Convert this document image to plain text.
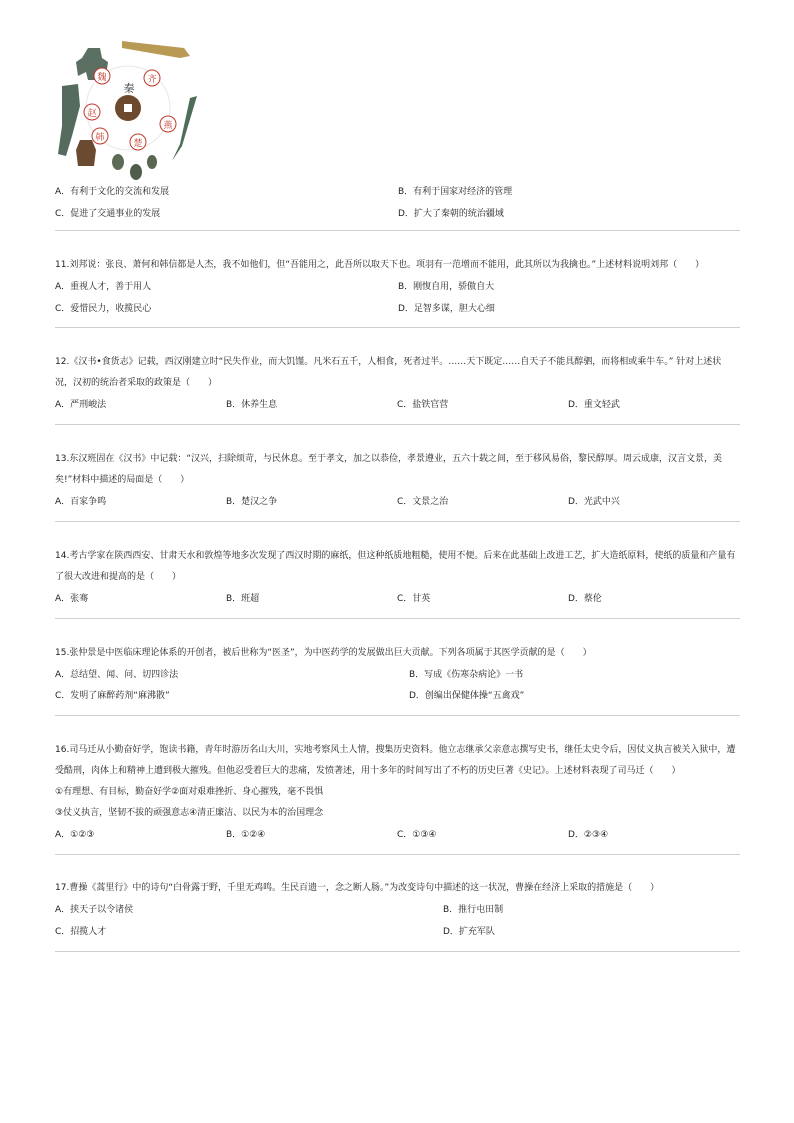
秦
魏	齐
燕
楚
韩
赵
A．有利于文化的交流和发展	B．有利于国家对经济的管理
C．促进了交通事业的发展	D．扩大了秦朝的统治疆域
11.刘邦说：张良、萧何和韩信都是人杰，我不如他们，但“吾能用之，此吾所以取天下也。项羽有一范增而不能用，此其所以为我擒也。”上述材料说明刘邦（　　）
A．重视人才，善于用人	B．刚愎自用，骄傲自大
C．爱惜民力，收揽民心	D．足智多谋，胆大心细
12.《汉书•食货志》记载，西汉刚建立时“民失作业，而大饥馑。凡米石五千，人相食，死者过半。……天下既定……自天子不能具醇驷，而将相或乘牛车。” 针对上述状
况，汉初的统治者采取的政策是（　　）
A．严刑峻法	B．休养生息	C．盐铁官营	D．重文轻武
13.东汉班固在《汉书》中记载：“汉兴，扫除烦苛，与民休息。至于孝文，加之以恭俭，孝景遵业，五六十载之间，至于移风易俗，黎民醇厚。周云成康，汉言文景，美
矣!”材料中描述的局面是（　　）
A．百家争鸣	B．楚汉之争	C．文景之治	D．光武中兴
14.考古学家在陕西西安、甘肃天水和敦煌等地多次发现了西汉时期的麻纸，但这种纸质地粗糙，使用不便。后来在此基础上改进工艺，扩大造纸原料，使纸的质量和产量有
了很大改进和提高的是（　　）
A．张骞	B．班超	C．甘英	D．蔡伦
15.张仲景是中医临床理论体系的开创者，被后世称为“医圣”，为中医药学的发展做出巨大贡献。下列各项属于其医学贡献的是（　　）
A．总结望、闻、问、切四诊法	B．写成《伤寒杂病论》一书
C．发明了麻醉药剂“麻沸散”	D．创编出保健体操“五禽戏”
16.司马迁从小勤奋好学，饱读书籍，青年时游历名山大川，实地考察风土人情，搜集历史资料。他立志继承父亲意志撰写史书，继任太史令后，因仗义执言被关入狱中，遭
受酷刑，肉体上和精神上遭到极大摧残。但他忍受着巨大的悲痛，发愤著述，用十多年的时间写出了不朽的历史巨著《史记》。上述材料表现了司马迁（　　）
①有理想、有目标，勤奋好学②面对艰难挫折、身心摧残，毫不畏惧
③仗义执言，坚韧不拔的顽强意志④清正廉洁、以民为本的治国理念
A．①②③	B．①②④	C．①③④	D．②③④
17.曹操《蒿里行》中的诗句“白骨露于野，千里无鸡鸣。生民百遗一，念之断人肠。”为改变诗句中描述的这一状况，曹操在经济上采取的措施是（　　）
A．挟天子以令诸侯	B．推行屯田制
C．招揽人才	D．扩充军队
